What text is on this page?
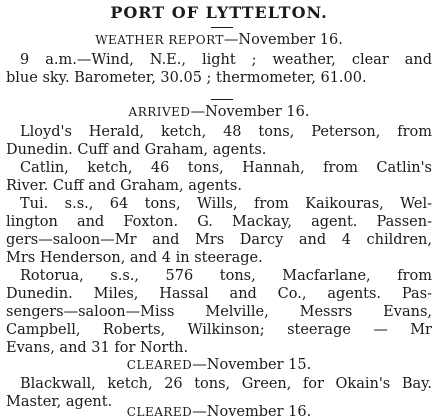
PORT OF LYTTELTON.
WEATHER REPORT—November 16.
9 a.m.—Wind, N.E., light ; weather, clear and
blue sky. Barometer, 30.05 ; thermometer, 61.00.
ARRIVED—November 16.
Lloyd's Herald, ketch, 48 tons, Peterson, from
Dunedin. Cuff and Graham, agents.
Catlin, ketch, 46 tons, Hannah, from Catlin's
River. Cuff and Graham, agents.
Tui. s.s., 64 tons, Wills, from Kaikouras, Wel-
lington and Foxton. G. Mackay, agent. Passen-
gers—saloon—Mr and Mrs Darcy and 4 children,
Mrs Henderson, and 4 in steerage.
Rotorua, s.s., 576 tons, Macfarlane, from
Dunedin. Miles, Hassal and Co., agents. Pas-
sengers—saloon—Miss Melville, Messrs Evans,
Campbell, Roberts, Wilkinson; steerage — Mr
Evans, and 31 for North.
CLEARED—November 15.
Blackwall, ketch, 26 tons, Green, for Okain's Bay.
Master, agent.
CLEARED—November 16.
